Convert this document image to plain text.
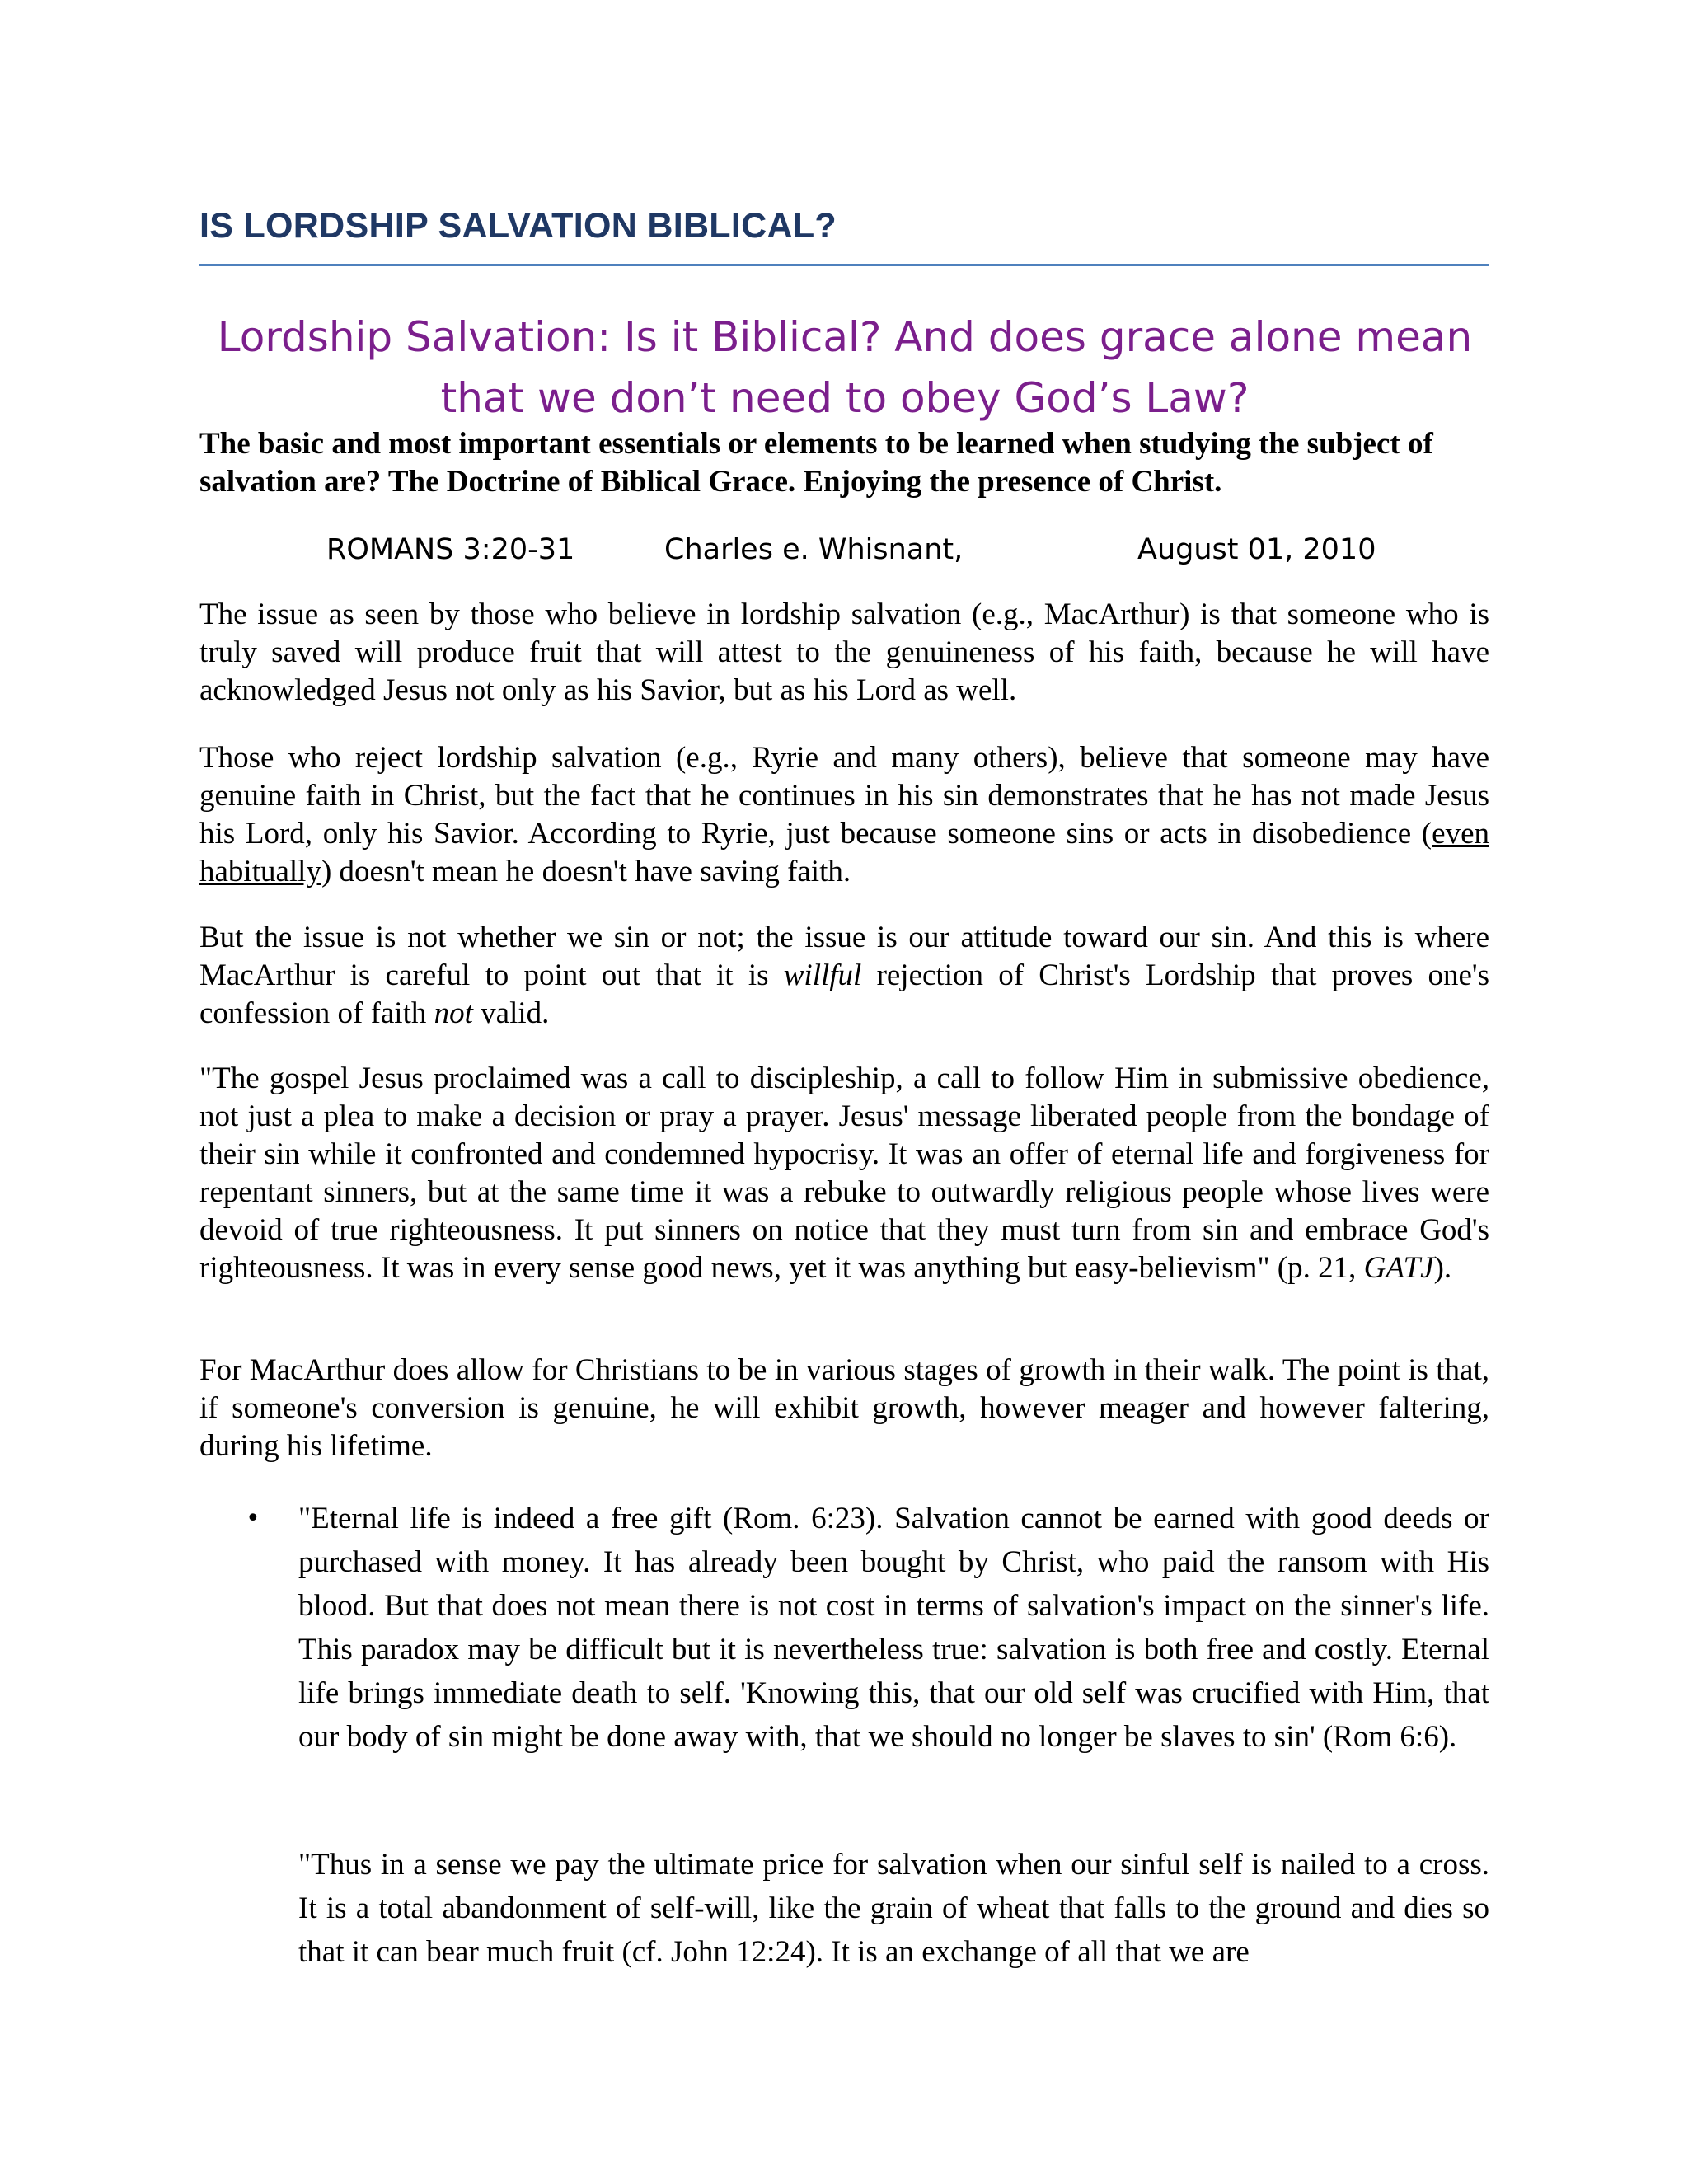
IS LORDSHIP SALVATION BIBLICAL?
Lordship Salvation: Is it Biblical? And does grace alone mean
that we don’t need to obey God’s Law?

The basic and most important essentials or elements to be learned when studying the subject of salvation are? The Doctrine of Biblical Grace. Enjoying the presence of Christ.

ROMANS 3:20-31	Charles e. Whisnant,	August 01, 2010

The issue as seen by those who believe in lordship salvation (e.g., MacArthur) is that someone who is truly saved will produce fruit that will attest to the genuineness of his faith, because he will have acknowledged Jesus not only as his Savior, but as his Lord as well.

Those who reject lordship salvation (e.g., Ryrie and many others), believe that someone may have genuine faith in Christ, but the fact that he continues in his sin demonstrates that he has not made Jesus his Lord, only his Savior. According to Ryrie, just because someone sins or acts in disobedience (even habitually) doesn't mean he doesn't have saving faith.

But the issue is not whether we sin or not; the issue is our attitude toward our sin. And this is where MacArthur is careful to point out that it is willful rejection of Christ's Lordship that proves one's confession of faith not valid.

"The gospel Jesus proclaimed was a call to discipleship, a call to follow Him in submissive obedience, not just a plea to make a decision or pray a prayer. Jesus' message liberated people from the bondage of their sin while it confronted and condemned hypocrisy. It was an offer of eternal life and forgiveness for repentant sinners, but at the same time it was a rebuke to outwardly religious people whose lives were devoid of true righteousness. It put sinners on notice that they must turn from sin and embrace God's righteousness. It was in every sense good news, yet it was anything but easy-believism" (p. 21, GATJ).

For MacArthur does allow for Christians to be in various stages of growth in their walk. The point is that, if someone's conversion is genuine, he will exhibit growth, however meager and however faltering, during his lifetime.

• "Eternal life is indeed a free gift (Rom. 6:23). Salvation cannot be earned with good deeds or purchased with money. It has already been bought by Christ, who paid the ransom with His blood. But that does not mean there is not cost in terms of salvation's impact on the sinner's life. This paradox may be difficult but it is nevertheless true: salvation is both free and costly. Eternal life brings immediate death to self. 'Knowing this, that our old self was crucified with Him, that our body of sin might be done away with, that we should no longer be slaves to sin' (Rom 6:6).

"Thus in a sense we pay the ultimate price for salvation when our sinful self is nailed to a cross. It is a total abandonment of self-will, like the grain of wheat that falls to the ground and dies so that it can bear much fruit (cf. John 12:24). It is an exchange of all that we are
